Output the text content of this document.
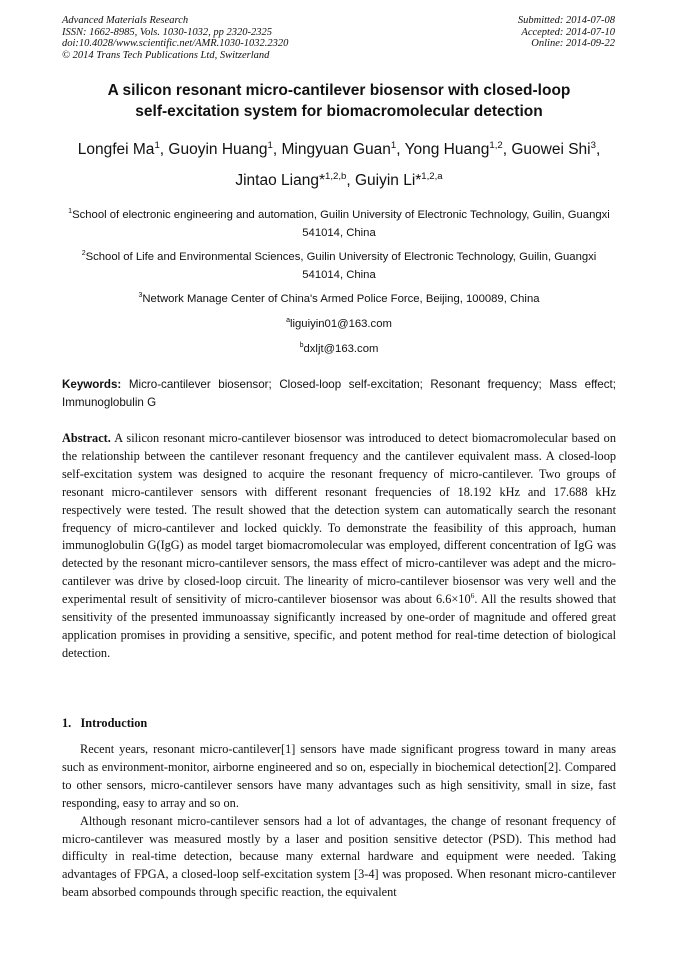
Advanced Materials Research
ISSN: 1662-8985, Vols. 1030-1032, pp 2320-2325
doi:10.4028/www.scientific.net/AMR.1030-1032.2320
© 2014 Trans Tech Publications Ltd, Switzerland
Submitted: 2014-07-08
Accepted: 2014-07-10
Online: 2014-09-22
A silicon resonant micro-cantilever biosensor with closed-loop
self-excitation system for biomacromolecular detection
Longfei Ma$^1$, Guoyin Huang$^1$, Mingyuan Guan$^1$, Yong Huang$^{1,2}$, Guowei Shi$^3$,
Jintao Liang*$^{1,2,b}$, Guiyin Li*$^{1,2,a}$
$^1$School of electronic engineering and automation, Guilin University of Electronic Technology, Guilin, Guangxi 541014, China
$^2$School of Life and Environmental Sciences, Guilin University of Electronic Technology, Guilin, Guangxi 541014, China
$^3$Network Manage Center of China's Armed Police Force, Beijing, 100089, China
$^a$liguiyin01@163.com
$^b$dxljt@163.com
Keywords: Micro-cantilever biosensor; Closed-loop self-excitation; Resonant frequency; Mass effect; Immunoglobulin G
Abstract. A silicon resonant micro-cantilever biosensor was introduced to detect biomacromolecular based on the relationship between the cantilever resonant frequency and the cantilever equivalent mass. A closed-loop self-excitation system was designed to acquire the resonant frequency of micro-cantilever. Two groups of resonant micro-cantilever sensors with different resonant frequencies of 18.192 kHz and 17.688 kHz respectively were tested. The result showed that the detection system can automatically search the resonant frequency of micro-cantilever and locked quickly. To demonstrate the feasibility of this approach, human immunoglobulin G(IgG) as model target biomacromolecular was employed, different concentration of IgG was detected by the resonant micro-cantilever sensors, the mass effect of micro-cantilever was adept and the micro-cantilever was drive by closed-loop circuit. The linearity of micro-cantilever biosensor was very well and the experimental result of sensitivity of micro-cantilever biosensor was about $6.6\times 10^6$. All the results showed that sensitivity of the presented immunoassay significantly increased by one-order of magnitude and offered great application promises in providing a sensitive, specific, and potent method for real-time detection of biological detection.
1. Introduction

Recent years, resonant micro-cantilever[1] sensors have made significant progress toward in many areas such as environment-monitor, airborne engineered and so on, especially in biochemical detection[2]. Compared to other sensors, micro-cantilever sensors have many advantages such as high sensitivity, small in size, fast responding, easy to array and so on.

Although resonant micro-cantilever sensors had a lot of advantages, the change of resonant frequency of micro-cantilever was measured mostly by a laser and position sensitive detector (PSD). This method had difficulty in real-time detection, because many external hardware and equipment were needed. Taking advantages of FPGA, a closed-loop self-excitation system [3-4] was proposed. When resonant micro-cantilever beam absorbed compounds through specific reaction, the equivalent
